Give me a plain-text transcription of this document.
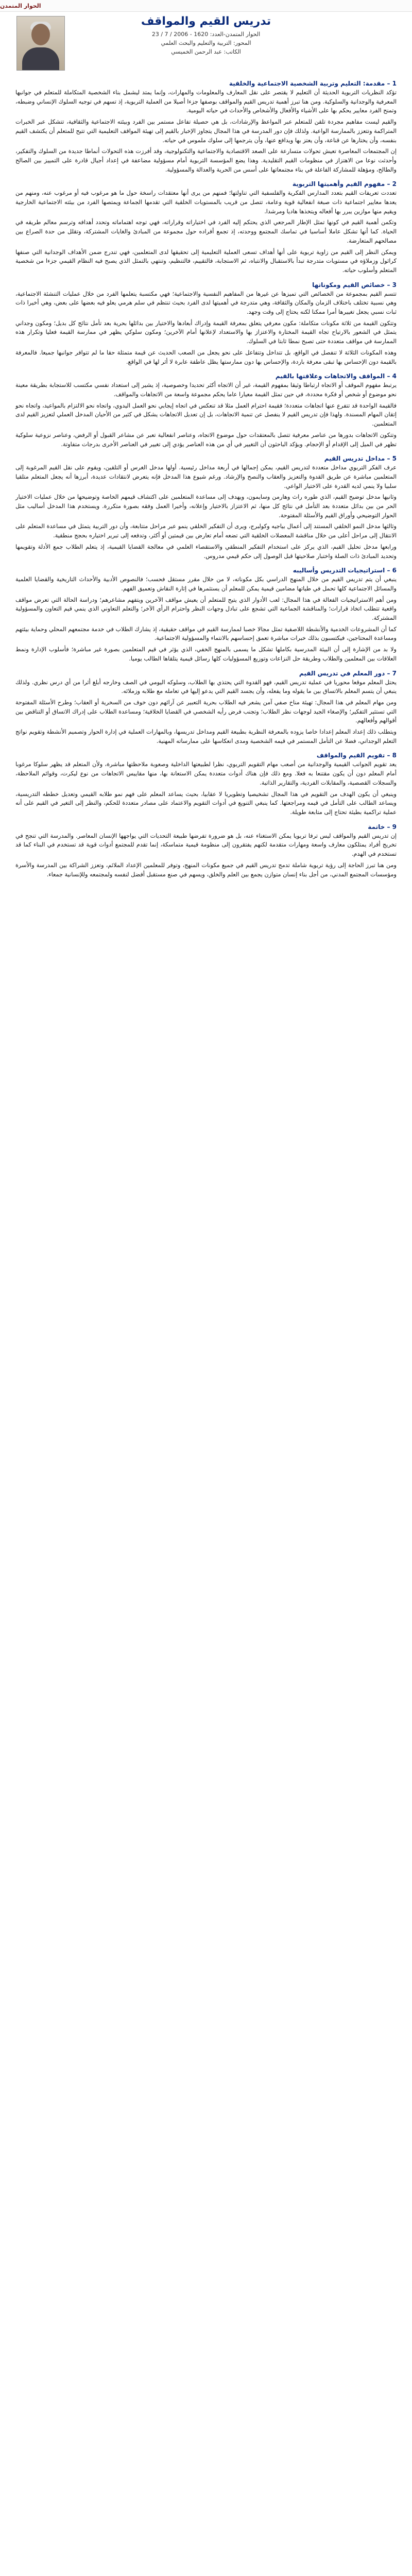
الحوار المتمدن
تدريس القيم والمواقف
الحوار المتمدن-العدد: 1620 - 2006 / 7 / 23
المحور: التربية والتعليم والبحث العلمي
الكاتب: عبد الرحمن الخميسي
1 – مقدمة: التعليم وتربية الشخصية الاجتماعية والخلقية

تؤكد النظريات التربوية الحديثة أن التعليم لا يقتصر على نقل المعارف والمعلومات والمهارات، وإنما يمتد ليشمل بناء الشخصية المتكاملة للمتعلم في جوانبها المعرفية والوجدانية والسلوكية. ومن هنا تبرز أهمية تدريس القيم والمواقف بوصفها جزءا أصيلا من العملية التربوية، إذ تسهم في توجيه السلوك الإنساني وضبطه، وتمنح الفرد معايير يحكم بها على الأشياء والأفعال والأشخاص والأحداث في حياته اليومية.

والقيم ليست مفاهيم مجردة تلقن للمتعلم عبر المواعظ والإرشادات، بل هي حصيلة تفاعل مستمر بين الفرد وبيئته الاجتماعية والثقافية، تتشكل عبر الخبرات المتراكمة وتتعزز بالممارسة الواعية. ولذلك فإن دور المدرسة في هذا المجال يتجاوز الإخبار بالقيم إلى تهيئة المواقف التعليمية التي تتيح للمتعلم أن يكتشف القيم بنفسه، وأن يختارها عن قناعة، وأن يعتز بها ويدافع عنها، وأن يترجمها إلى سلوك ملموس في حياته.

إن المجتمعات المعاصرة تعيش تحولات متسارعة على الصعد الاقتصادية والاجتماعية والتكنولوجية، وقد أفرزت هذه التحولات أنماطا جديدة من السلوك والتفكير، وأحدثت نوعا من الاهتزاز في منظومات القيم التقليدية. وهذا يضع المؤسسة التربوية أمام مسؤولية مضاعفة في إعداد أجيال قادرة على التمييز بين الصالح والطالح، ومؤهلة للمشاركة الفاعلة في بناء مجتمعاتها على أسس من الحرية والعدالة والمسؤولية.

2 – مفهوم القيم وأهميتها التربوية

تعددت تعريفات القيم بتعدد المدارس الفكرية والفلسفية التي تناولتها؛ فمنهم من يرى أنها معتقدات راسخة حول ما هو مرغوب فيه أو مرغوب عنه، ومنهم من يعدها معايير اجتماعية ذات صبغة انفعالية قوية وعامة، تتصل من قريب بالمستويات الخلقية التي تقدمها الجماعة ويمتصها الفرد من بيئته الاجتماعية الخارجية ويقيم منها موازين يبرر بها أفعاله ويتخذها هاديا ومرشدا.

وتكمن أهمية القيم في كونها تمثل الإطار المرجعي الذي يحتكم إليه الفرد في اختياراته وقراراته، فهي توجه اهتماماته وتحدد أهدافه وترسم معالم طريقه في الحياة. كما أنها تشكل عاملا أساسيا في تماسك المجتمع ووحدته، إذ تجمع أفراده حول مجموعة من المبادئ والغايات المشتركة، وتقلل من حدة الصراع بين مصالحهم المتعارضة.

ويمكن النظر إلى القيم من زاوية تربوية على أنها أهداف تسعى العملية التعليمية إلى تحقيقها لدى المتعلمين، فهي تندرج ضمن الأهداف الوجدانية التي صنفها كراثول وزملاؤه في مستويات متدرجة تبدأ بالاستقبال والانتباه، ثم الاستجابة، فالتقييم، فالتنظيم، وتنتهي بالتمثل الذي يصبح فيه النظام القيمي جزءا من شخصية المتعلم وأسلوب حياته.

3 – خصائص القيم ومكوناتها

تتسم القيم بمجموعة من الخصائص التي تميزها عن غيرها من المفاهيم النفسية والاجتماعية؛ فهي مكتسبة يتعلمها الفرد من خلال عمليات التنشئة الاجتماعية، وهي نسبية تختلف باختلاف الزمان والمكان والثقافة، وهي متدرجة في أهميتها لدى الفرد بحيث تنتظم في سلم هرمي يعلو فيه بعضها على بعض، وهي أخيرا ذات ثبات نسبي يجعل تغييرها أمرا ممكنا لكنه يحتاج إلى وقت وجهد.

وتتكون القيمة من ثلاثة مكونات متكاملة: مكون معرفي يتعلق بمعرفة القيمة وإدراك أبعادها والاختيار بين بدائلها بحرية بعد تأمل نتائج كل بديل؛ ومكون وجداني يتمثل في الشعور بالارتياح تجاه القيمة المختارة والاعتزاز بها والاستعداد لإعلانها أمام الآخرين؛ ومكون سلوكي يظهر في ممارسة القيمة فعليا وتكرار هذه الممارسة في مواقف متعددة حتى تصبح نمطا ثابتا في السلوك.

وهذه المكونات الثلاثة لا تنفصل في الواقع، بل تتداخل وتتفاعل على نحو يجعل من الصعب الحديث عن قيمة متمثلة حقا ما لم تتوافر جوانبها جميعا. فالمعرفة بالقيمة دون الإحساس بها تبقى معرفة باردة، والإحساس بها دون ممارستها يظل عاطفة عابرة لا أثر لها في الواقع.

4 – المواقف والاتجاهات وعلاقتها بالقيم

يرتبط مفهوم الموقف أو الاتجاه ارتباطا وثيقا بمفهوم القيمة، غير أن الاتجاه أكثر تحديدا وخصوصية، إذ يشير إلى استعداد نفسي مكتسب للاستجابة بطريقة معينة نحو موضوع أو شخص أو فكرة محددة، في حين تمثل القيمة معيارا عاما يحكم مجموعة واسعة من الاتجاهات والمواقف.

فالقيمة الواحدة قد تتفرع عنها اتجاهات متعددة؛ فقيمة احترام العمل مثلا قد تنعكس في اتجاه إيجابي نحو العمل اليدوي، واتجاه نحو الالتزام بالمواعيد، واتجاه نحو إتقان المهام المسندة. ولهذا فإن تدريس القيم لا ينفصل عن تنمية الاتجاهات، بل إن تعديل الاتجاهات يشكل في كثير من الأحيان المدخل العملي لتعزيز القيم لدى المتعلمين.

وتتكون الاتجاهات بدورها من عناصر معرفية تتصل بالمعتقدات حول موضوع الاتجاه، وعناصر انفعالية تعبر عن مشاعر القبول أو الرفض، وعناصر نزوعية سلوكية تظهر في الميل إلى الإقدام أو الإحجام. ويؤكد الباحثون أن التغيير في أي من هذه العناصر يؤدي إلى تغيير في العناصر الأخرى بدرجات متفاوتة.

5 – مداخل تدريس القيم

عرف الفكر التربوي مداخل متعددة لتدريس القيم، يمكن إجمالها في أربعة مداخل رئيسية. أولها مدخل الغرس أو التلقين، ويقوم على نقل القيم المرغوبة إلى المتعلمين مباشرة عن طريق القدوة والتعزيز والعقاب والنصح والإرشاد. ورغم شيوع هذا المدخل فإنه يتعرض لانتقادات عديدة، أبرزها أنه يجعل المتعلم متلقيا سلبيا ولا ينمي لديه القدرة على الاختيار الواعي.

وثانيها مدخل توضيح القيم، الذي طوره راث وهارمن وسايمون، ويهدف إلى مساعدة المتعلمين على اكتشاف قيمهم الخاصة وتوضيحها من خلال عمليات الاختيار الحر من بين بدائل متعددة بعد التأمل في نتائج كل منها، ثم الاعتزاز بالاختيار وإعلانه، وأخيرا العمل وفقه بصورة متكررة. ويستخدم هذا المدخل أساليب مثل الحوار التوضيحي وأوراق القيم والأسئلة المفتوحة.

وثالثها مدخل النمو الخلقي المستند إلى أعمال بياجيه وكولبرج، ويرى أن التفكير الخلقي ينمو عبر مراحل متتابعة، وأن دور التربية يتمثل في مساعدة المتعلم على الانتقال إلى مراحل أعلى من خلال مناقشة المعضلات الخلقية التي تضعه أمام تعارض بين قيمتين أو أكثر، وتدفعه إلى تبرير اختياره بحجج منطقية.

ورابعها مدخل تحليل القيم، الذي يركز على استخدام التفكير المنطقي والاستقصاء العلمي في معالجة القضايا القيمية، إذ يتعلم الطلاب جمع الأدلة وتقويمها وتحديد المبادئ ذات الصلة واختبار صلاحيتها قبل الوصول إلى حكم قيمي مدروس.

6 – استراتيجيات التدريس وأساليبه

ينبغي أن يتم تدريس القيم من خلال المنهج الدراسي بكل مكوناته، لا من خلال مقرر مستقل فحسب؛ فالنصوص الأدبية والأحداث التاريخية والقضايا العلمية والمسائل الاجتماعية كلها تحمل في طياتها مضامين قيمية يمكن للمعلم أن يستثمرها في إثارة النقاش وتعميق الفهم.

ومن أهم الاستراتيجيات الفعالة في هذا المجال: لعب الأدوار الذي يتيح للمتعلم أن يعيش مواقف الآخرين ويتفهم مشاعرهم؛ ودراسة الحالة التي تعرض مواقف واقعية تتطلب اتخاذ قرارات؛ والمناقشة الجماعية التي تشجع على تبادل وجهات النظر واحترام الرأي الآخر؛ والتعلم التعاوني الذي ينمي قيم التعاون والمسؤولية المشتركة.

كما أن المشروعات الخدمية والأنشطة اللاصفية تمثل مجالا خصبا لممارسة القيم في مواقف حقيقية، إذ يشارك الطلاب في خدمة مجتمعهم المحلي وحماية بيئتهم ومساعدة المحتاجين، فيكتسبون بذلك خبرات مباشرة تعمق إحساسهم بالانتماء والمسؤولية الاجتماعية.

ولا بد من الإشارة إلى أن البيئة المدرسية بكاملها تشكل ما يسمى بالمنهج الخفي، الذي يؤثر في قيم المتعلمين بصورة غير مباشرة؛ فأسلوب الإدارة ونمط العلاقات بين المعلمين والطلاب وطريقة حل النزاعات وتوزيع المسؤوليات كلها رسائل قيمية يتلقاها الطالب يوميا.

7 – دور المعلم في تدريس القيم

يحتل المعلم موقعا محوريا في عملية تدريس القيم، فهو القدوة التي يحتذي بها الطلاب، وسلوكه اليومي في الصف وخارجه أبلغ أثرا من أي درس نظري. ولذلك ينبغي أن يتسم المعلم بالاتساق بين ما يقوله وما يفعله، وأن يجسد القيم التي يدعو إليها في تعامله مع طلابه وزملائه.

ومن مهام المعلم في هذا المجال: تهيئة مناخ صفي آمن يشعر فيه الطلاب بحرية التعبير عن آرائهم دون خوف من السخرية أو العقاب؛ وطرح الأسئلة المفتوحة التي تستثير التفكير؛ والإصغاء الجيد لوجهات نظر الطلاب؛ وتجنب فرض رأيه الشخصي في القضايا الخلافية؛ ومساعدة الطلاب على إدراك الاتساق أو التناقض بين أقوالهم وأفعالهم.

ويتطلب ذلك إعداد المعلم إعدادا خاصا يزوده بالمعرفة النظرية بطبيعة القيم ومداخل تدريسها، وبالمهارات العملية في إدارة الحوار وتصميم الأنشطة وتقويم نواتج التعلم الوجداني، فضلا عن التأمل المستمر في قيمه الشخصية ومدى انعكاسها على ممارساته المهنية.

8 – تقويم القيم والمواقف

يعد تقويم الجوانب القيمية والوجدانية من أصعب مهام التقويم التربوي، نظرا لطبيعتها الداخلية وصعوبة ملاحظتها مباشرة، ولأن المتعلم قد يظهر سلوكا مرغوبا أمام المعلم دون أن يكون مقتنعا به فعلا. ومع ذلك فإن هناك أدوات متعددة يمكن الاستعانة بها، منها مقاييس الاتجاهات من نوع ليكرت، وقوائم الملاحظة، والسجلات القصصية، والمقابلات الفردية، والتقارير الذاتية.

وينبغي أن يكون الهدف من التقويم في هذا المجال تشخيصيا وتطويريا لا عقابيا، بحيث يساعد المعلم على فهم نمو طلابه القيمي وتعديل خططه التدريسية، ويساعد الطالب على التأمل في قيمه ومراجعتها. كما ينبغي التنويع في أدوات التقويم والاعتماد على مصادر متعددة للحكم، والنظر إلى التغير في القيم على أنه عملية تراكمية بطيئة تحتاج إلى متابعة طويلة.

9 – خاتمة

إن تدريس القيم والمواقف ليس ترفا تربويا يمكن الاستغناء عنه، بل هو ضرورة تفرضها طبيعة التحديات التي يواجهها الإنسان المعاصر. والمدرسة التي تنجح في تخريج أفراد يمتلكون معارف واسعة ومهارات متقدمة لكنهم يفتقرون إلى منظومة قيمية متماسكة، إنما تقدم للمجتمع أدوات قوية قد تستخدم في البناء كما قد تستخدم في الهدم.

ومن هنا تبرز الحاجة إلى رؤية تربوية شاملة تدمج تدريس القيم في جميع مكونات المنهج، وتوفر للمعلمين الإعداد الملائم، وتعزز الشراكة بين المدرسة والأسرة ومؤسسات المجتمع المدني، من أجل بناء إنسان متوازن يجمع بين العلم والخلق، ويسهم في صنع مستقبل أفضل لنفسه ولمجتمعه وللإنسانية جمعاء.
